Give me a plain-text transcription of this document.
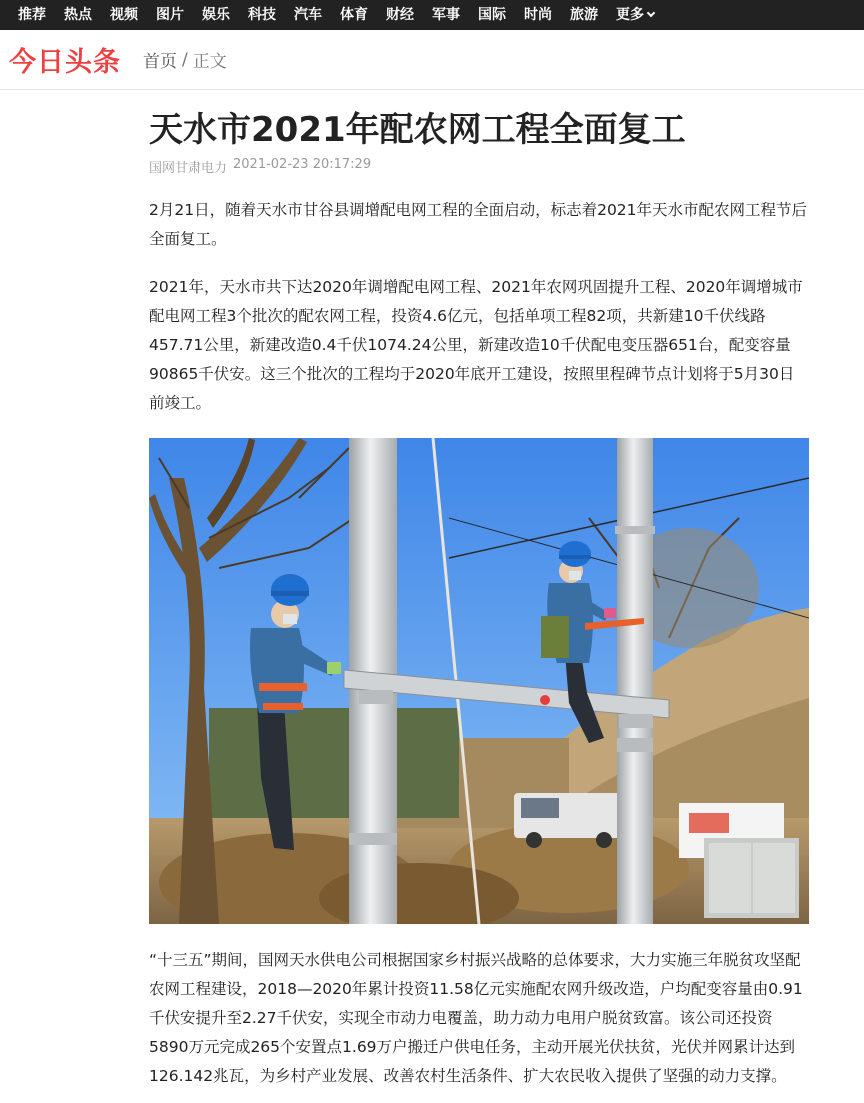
推荐 热点 视频 图片 娱乐 科技 汽车 体育 财经 军事 国际 时尚 旅游 更多
今日头条 首页 / 正文
天水市2021年配农网工程全面复工
国网甘肃电力 2021-02-23 20:17:29

2月21日，随着天水市甘谷县调增配电网工程的全面启动，标志着2021年天水市配农网工程节后全面复工。

2021年，天水市共下达2020年调增配电网工程、2021年农网巩固提升工程、2020年调增城市配电网工程3个批次的配农网工程，投资4.6亿元，包括单项工程82项，共新建10千伏线路457.71公里，新建改造0.4千伏1074.24公里，新建改造10千伏配电变压器651台，配变容量90865千伏安。这三个批次的工程均于2020年底开工建设，按照里程碑节点计划将于5月30日前竣工。

“十三五”期间，国网天水供电公司根据国家乡村振兴战略的总体要求，大力实施三年脱贫攻坚配农网工程建设，2018—2020年累计投资11.58亿元实施配农网升级改造，户均配变容量由0.91千伏安提升至2.27千伏安，实现全市动力电覆盖，助力动力电用户脱贫致富。该公司还投资5890万元完成265个安置点1.69万户搬迁户供电任务，主动开展光伏扶贫，光伏并网累计达到126.142兆瓦，为乡村产业发展、改善农村生活条件、扩大农民收入提供了坚强的动力支撑。
